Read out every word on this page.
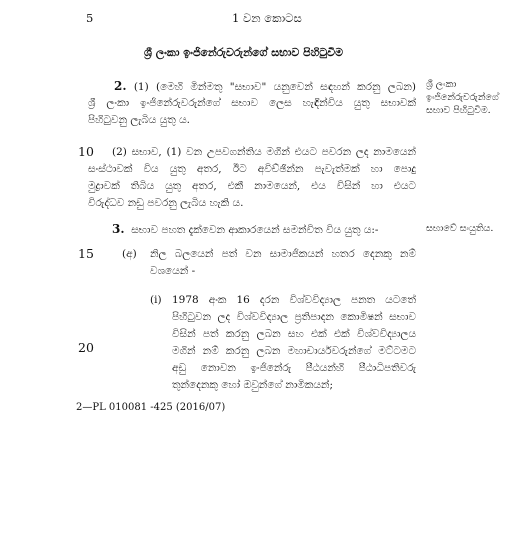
5	1 වන කොටස
ශ්‍රී ලංකා ඉංජිනේරුවරුන්ගේ සභාව පිහිටුවීම
2. (1) (මෙහි මින්මතු "සභාව" යනුවෙන් සඳහන් කරනු ලබන)
ශ්‍රී ලංකා ඉංජිනේරුවරුන්ගේ සභාව ලෙස හැඳින්විය යුතු සභාවක්
පිහිටුවනු ලැබිය යුතු ය.
ශ්‍රී ලංකා ඉංජිනේරුවරුන්ගේ සභාව පිහිටුවීම.
10 (2) සභාව, (1) වන උපවගන්තිය මගින් එයට පවරන ලද නාමයෙන්
සංස්ථාවක් විය යුතු අතර, ඊට අවිච්ඡින්න පැවැත්මක් හා පොදු
මුද්‍රාවක් තිබිය යුතු අතර, එකී නාමයෙන්, එය විසින් හා එයට
විරුද්ධව නඩු පවරනු ලැබිය හැකි ය.
3. සභාව පහත දැක්වෙන ආකාරයෙන් සමන්විත විය යුතු ය:-	සභාවේ සංයුතිය.
15	(අ) නිල බලයෙන් පත් වන සාමාජිකයන් හතර දෙනකු නම්
වශයෙන් -
(i) 1978 අංක 16 දරන විශ්වවිද්‍යාල පනත යටතේ
පිහිටුවන ලද විශ්වවිද්‍යාල ප්‍රතිපාදන කොමිෂන් සභාව
විසින් පත් කරනු ලබන සහ එක් එක් විශ්වවිද්‍යාලය
මගින් නම් කරනු ලබන මහාචාර්යවරුන්ගේ මට්ටමට
අඩු නොවන ඉංජිනේරු පීඨයන්හි පීඨාධිපතිවරු
තුන්දෙනකු හෝ ඔවුන්ගේ නාමිකයන්;
20
2—PL 010081 -425 (2016/07)
